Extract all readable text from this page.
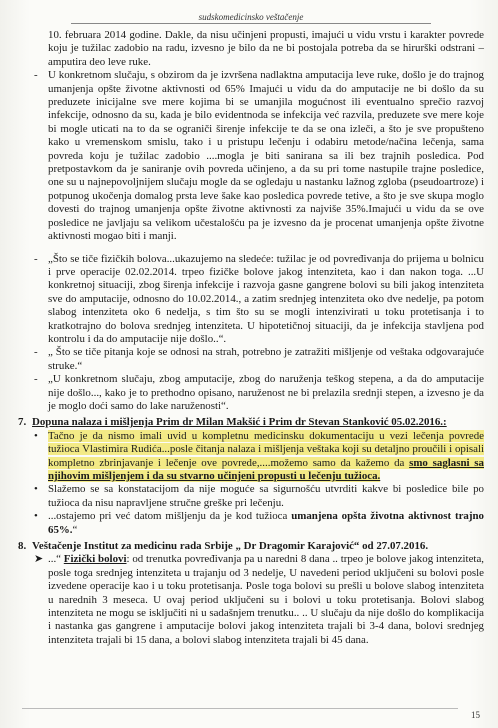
sudskomedicinsko veštačenje

10. februara 2014 godine. Dakle, da nisu učinjeni propusti, imajući u vidu vrstu i karakter povrede koju je tužilac zadobio na radu, izvesno je bilo da ne bi postojala potreba da se hirurški odstrani – amputira deo leve ruke.

- U konkretnom slučaju, s obzirom da je izvršena nadlaktna amputacija leve ruke, došlo je do trajnog umanjenja opšte životne aktivnosti od 65% Imajući u vidu da do amputacije ne bi došlo da su preduzete inicijalne sve mere kojima bi se umanjila mogućnost ili eventualno sprečio razvoj infekcije, odnosno da su, kada je bilo evidentnoda se infekcija već razvila, preduzete sve mere koje bi mogle uticati na to da se ograniči širenje infekcije te da se ona izleči, a što je sve propušteno kako u vremenskom smislu, tako i u pristupu lečenju i odabiru metode/načina lečenja, sama povreda koju je tužilac zadobio ....mogla je biti sanirana sa ili bez trajnih posledica. Pod pretpostavkom da je saniranje ovih povreda učinjeno, a da su pri tome nastupile trajne posledice, one su u najnepovoljnijem slučaju mogle da se ogledaju u nastanku lažnog zgloba (pseudoartroze) i potpunog ukočenja domalog prsta leve šake kao posledica povrede tetive, a što je sve skupa moglo dovesti do trajnog umanjenja opšte životne aktivnosti za najviše 35%.Imajući u vidu da se ove posledice ne javljaju sa velikom učestalošću pa je izvesno da je procenat umanjenja opšte životne aktivnosti mogao biti i manji.
- „Što se tiče fizičkih bolova...ukazujemo na sledeće: tužilac je od povređivanja do prijema u bolnicu i prve operacije 02.02.2014. trpeo fizičke bolove jakog intenziteta, kao i dan nakon toga. ...U konkretnoj situaciji, zbog širenja infekcije i razvoja gasne gangrene bolovi su bili jakog intenziteta sve do amputacije, odnosno do 10.02.2014., a zatim srednjeg intenziteta oko dve nedelje, pa potom slabog intenziteta oko 6 nedelja, s tim što su se mogli intenzivirati u toku protetisanja i to kratkotrajno do bolova srednjeg intenziteta. U hipotetičnoj situaciji, da je infekcija stavljena pod kontrolu i da do amputacije nije došlo..“.
- „ Što se tiče pitanja koje se odnosi na strah, potrebno je zatražiti mišljenje od veštaka odgovarajuće struke.“
- „U konkretnom slučaju, zbog amputacije, zbog do naruženja teškog stepena, a da do amputacije nije došlo..., kako je to prethodno opisano, naruženost ne bi prelazila srednji stepen, a izvesno je da je moglo doći samo do lake naruženosti“.
7. Dopuna nalaza i mišljenja Prim dr Milan Makšić i Prim dr Stevan Stanković 05.02.2016.:
• Tačno je da nismo imali uvid u kompletnu medicinsku dokumentaciju u vezi lečenja povrede tužioca Vlastimira Rudića...posle čitanja nalaza i mišljenja veštaka koji su detaljno proučili i opisali kompletno zbrinjavanje i lečenje ove povrede,....možemo samo da kažemo da smo saglasni sa njihovim mišljenjem i da su stvarno učinjeni propusti u lečenju tužioca.
• Slažemo se sa konstatacijom da nije moguće sa sigurnošću utvrditi kakve bi posledice bile po tužioca da nisu napravljene stručne greške pri lečenju.
• ...ostajemo pri već datom mišljenju da je kod tužioca umanjena opšta životna aktivnost trajno 65%.“
8. Veštačenje Institut za medicinu rada Srbije „ Dr Dragomir Karajović“ od 27.07.2016.
➤ ...“ Fizički bolovi: od trenutka povređivanja pa u naredni 8 dana .. trpeo je bolove jakog intenziteta, posle toga srednjeg intenziteta u trajanju od 3 nedelje, U navedeni period uključeni su bolovi posle izvedene operacije kao i u toku protetisanja. Posle toga bolovi su prešli u bolove slabog intenziteta u narednih 3 meseca. U ovaj period uključeni su i bolovi u toku protetisanja. Bolovi slabog intenziteta ne mogu se isključiti ni u sadašnjem trenutku.. .. U slučaju da nije došlo do komplikacija i nastanka gas gangrene i amputacije bolovi jakog intenziteta trajali bi 3-4 dana, bolovi srednjeg intenziteta trajali bi 15 dana, a bolovi slabog intenziteta trajali bi 45 dana.
15
